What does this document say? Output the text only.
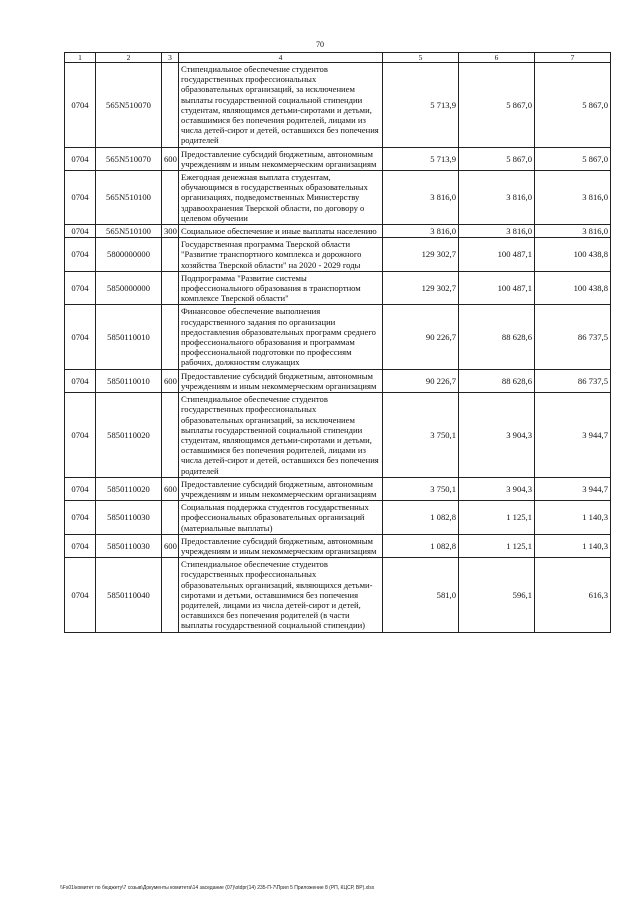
70
1	2	3	4	5	6	7
0704	565N510070		Стипендиальное обеспечение студентов государственных профессиональных образовательных организаций, за исключением выплаты государственной социальной стипендии студентам, являющимся детьми-сиротами и детьми, оставшимися без попечения родителей, лицами из числа детей-сирот и детей, оставшихся без попечения родителей	5 713,9	5 867,0	5 867,0
0704	565N510070	600	Предоставление субсидий бюджетным, автономным учреждениям и иным некоммерческим организациям	5 713,9	5 867,0	5 867,0
0704	565N510100		Ежегодная денежная выплата студентам, обучающимся в государственных образовательных организациях, подведомственных Министерству здравоохранения Тверской области, по договору о целевом обучении	3 816,0	3 816,0	3 816,0
0704	565N510100	300	Социальное обеспечение и иные выплаты населению	3 816,0	3 816,0	3 816,0
0704	5800000000		Государственная программа Тверской области "Развитие транспортного комплекса и дорожного хозяйства Тверской области" на 2020 - 2029 годы	129 302,7	100 487,1	100 438,8
0704	5850000000		Подпрограмма "Развитие системы профессионального образования в транспортном комплексе Тверской области"	129 302,7	100 487,1	100 438,8
0704	5850110010		Финансовое обеспечение выполнения государственного задания по организации предоставления образовательных программ среднего профессионального образования и программам профессиональной подготовки по профессиям рабочих, должностям служащих	90 226,7	88 628,6	86 737,5
0704	5850110010	600	Предоставление субсидий бюджетным, автономным учреждениям и иным некоммерческим организациям	90 226,7	88 628,6	86 737,5
0704	5850110020		Стипендиальное обеспечение студентов государственных профессиональных образовательных организаций, за исключением выплаты государственной социальной стипендии студентам, являющимся детьми-сиротами и детьми, оставшимися без попечения родителей, лицами из числа детей-сирот и детей, оставшихся без попечения родителей	3 750,1	3 904,3	3 944,7
0704	5850110020	600	Предоставление субсидий бюджетным, автономным учреждениям и иным некоммерческим организациям	3 750,1	3 904,3	3 944,7
0704	5850110030		Социальная поддержка студентов государственных профессиональных образовательных организаций (материальные выплаты)	1 082,8	1 125,1	1 140,3
0704	5850110030	600	Предоставление субсидий бюджетным, автономным учреждениям и иным некоммерческим организациям	1 082,8	1 125,1	1 140,3
0704	5850110040		Стипендиальное обеспечение студентов государственных профессиональных образовательных организаций, являющихся детьми-сиротами и детьми, оставшимися без попечения родителей, лицами из числа детей-сирот и детей, оставшихся без попечения родителей (в части выплаты государственной социальной стипендии)	581,0	596,1	616,3
\\Fs01\комитет по бюджету\7 созыв\Документы комитета\14 заседание (07)\otdpr(14) 235-П-7\Прил 5 Приложение 8 (РП, КЦСР, ВР).xlsx
